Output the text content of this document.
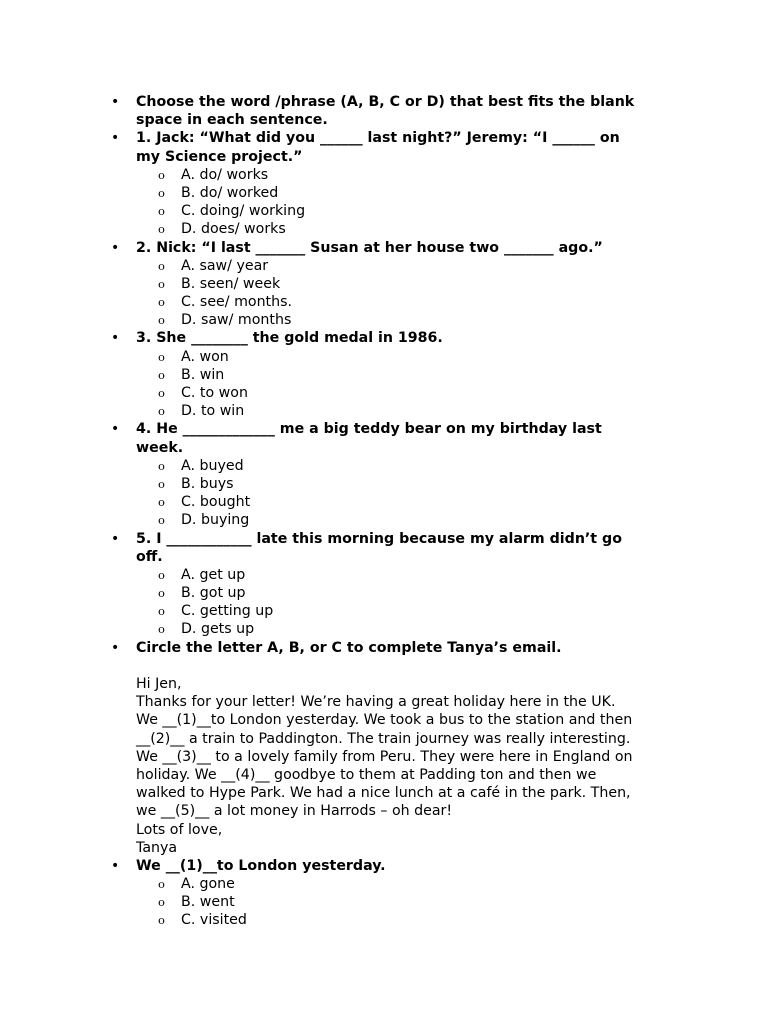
• Choose the word /phrase (A, B, C or D) that best fits the blank
space in each sentence.
• 1. Jack: “What did you ______ last night?” Jeremy: “I ______ on
my Science project.”
o A. do/ works
o B. do/ worked
o C. doing/ working
o D. does/ works
• 2. Nick: “I last _______ Susan at her house two _______ ago.”
o A. saw/ year
o B. seen/ week
o C. see/ months.
o D. saw/ months
• 3. She ________ the gold medal in 1986.
o A. won
o B. win
o C. to won
o D. to win
• 4. He _____________ me a big teddy bear on my birthday last
week.
o A. buyed
o B. buys
o C. bought
o D. buying
• 5. I ____________ late this morning because my alarm didn’t go
off.
o A. get up
o B. got up
o C. getting up
o D. gets up
• Circle the letter A, B, or C to complete Tanya’s email.
Hi Jen,
Thanks for your letter! We’re having a great holiday here in the UK.
We __(1)__to London yesterday. We took a bus to the station and then
__(2)__ a train to Paddington. The train journey was really interesting.
We __(3)__ to a lovely family from Peru. They were here in England on
holiday. We __(4)__ goodbye to them at Padding ton and then we
walked to Hype Park. We had a nice lunch at a café in the park. Then,
we __(5)__ a lot money in Harrods – oh dear!
Lots of love,
Tanya
• We __(1)__to London yesterday.
o A. gone
o B. went
o C. visited
